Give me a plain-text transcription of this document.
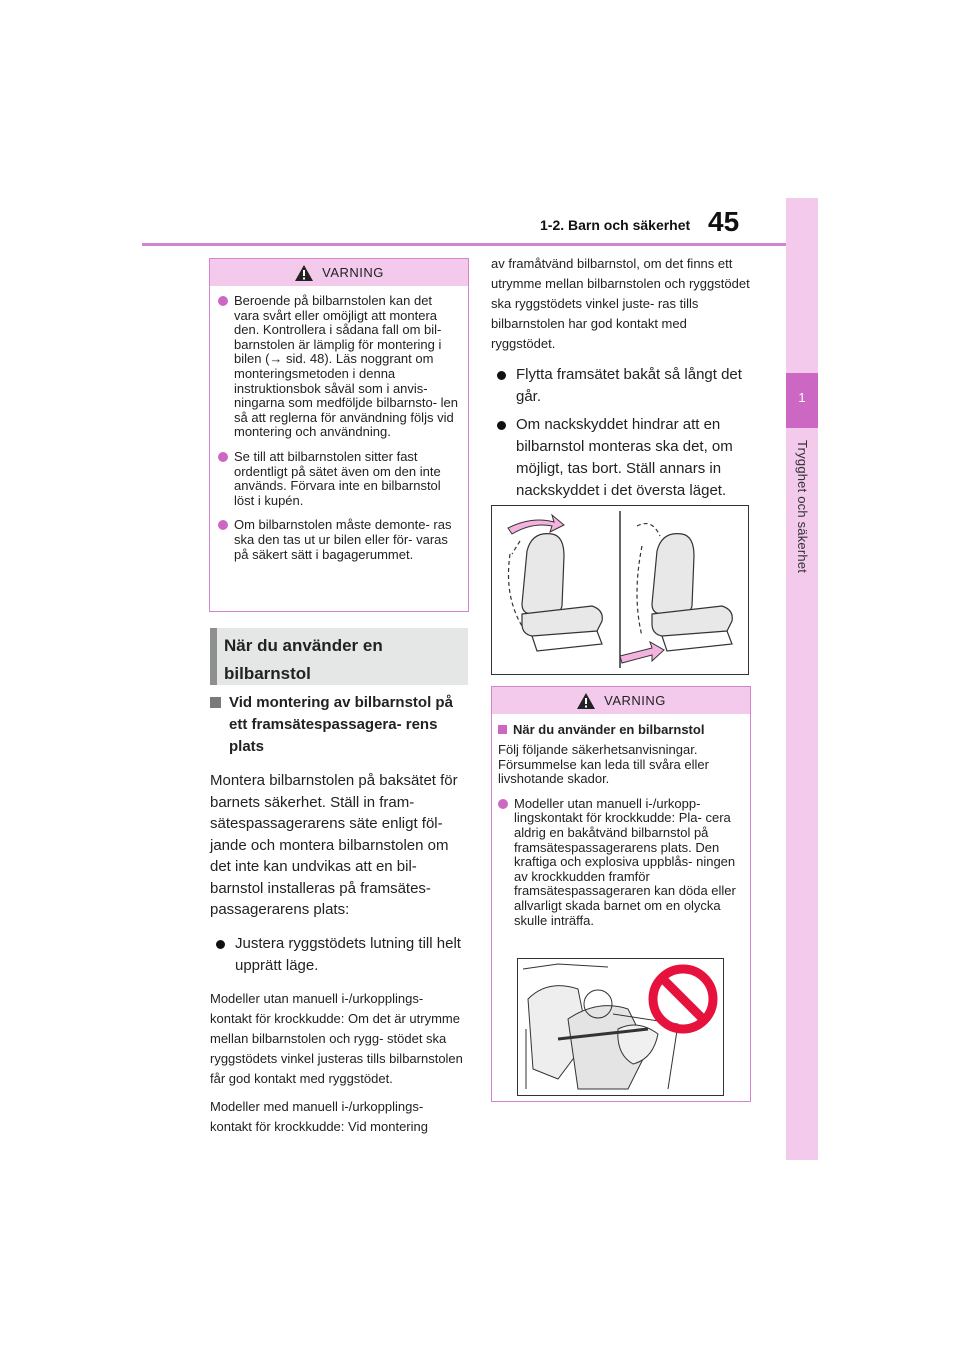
1-2. Barn och säkerhet 45
1
Trygghet och säkerhet
VARNING
Beroende på bilbarnstolen kan det vara svårt eller omöjligt att montera den. Kontrollera i sådana fall om bil- barnstolen är lämplig för montering i bilen (→ sid. 48). Läs noggrant om monteringsmetoden i denna instruktionsbok såväl som i anvis- ningarna som medföljde bilbarnsto- len så att reglerna för användning följs vid montering och användning.
Se till att bilbarnstolen sitter fast ordentligt på sätet även om den inte används. Förvara inte en bilbarnstol löst i kupén.
Om bilbarnstolen måste demonte- ras ska den tas ut ur bilen eller för- varas på säkert sätt i bagagerummet.
När du använder en
bilbarnstol
Vid montering av bilbarnstol på ett framsätespassagera- rens plats
Montera bilbarnstolen på baksätet för barnets säkerhet. Ställ in fram- sätespassagerarens säte enligt föl- jande och montera bilbarnstolen om det inte kan undvikas att en bil- barnstol installeras på framsätes- passagerarens plats:
Justera ryggstödets lutning till helt upprätt läge.
Modeller utan manuell i-/urkopplings- kontakt för krockkudde: Om det är utrymme mellan bilbarnstolen och rygg- stödet ska ryggstödets vinkel justeras tills bilbarnstolen får god kontakt med ryggstödet.
Modeller med manuell i-/urkopplings- kontakt för krockkudde: Vid montering
av framåtvänd bilbarnstol, om det finns ett utrymme mellan bilbarnstolen och ryggstödet ska ryggstödets vinkel juste- ras tills bilbarnstolen har god kontakt med ryggstödet.
Flytta framsätet bakåt så långt det går.
Om nackskyddet hindrar att en bilbarnstol monteras ska det, om möjligt, tas bort. Ställ annars in nackskyddet i det översta läget.
VARNING
När du använder en bilbarnstol
Följ följande säkerhetsanvisningar. Försummelse kan leda till svåra eller livshotande skador.
Modeller utan manuell i-/urkopp- lingskontakt för krockkudde: Pla- cera aldrig en bakåtvänd bilbarnstol på framsätespassagerarens plats. Den kraftiga och explosiva uppblås- ningen av krockkudden framför framsätespassageraren kan döda eller allvarligt skada barnet om en olycka skulle inträffa.
